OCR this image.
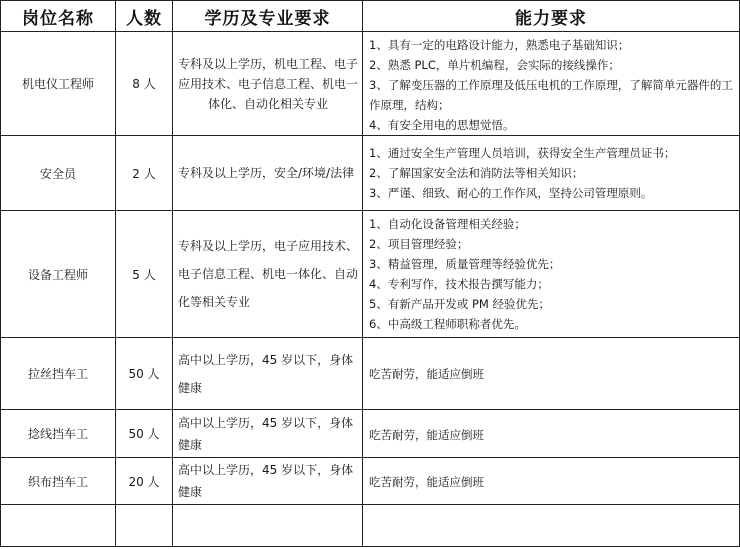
岗位名称	人数	学历及专业要求	能力要求
机电仪工程师	8 人	专科及以上学历，机电工程、电子应用技术、电子信息工程、机电一体化、自动化相关专业	1、具有一定的电路设计能力，熟悉电子基础知识；
2、熟悉 PLC，单片机编程，会实际的接线操作；
3、了解变压器的工作原理及低压电机的工作原理，了解简单元器件的工作原理，结构；
4、有安全用电的思想觉悟。

安全员	2 人	专科及以上学历，安全/环境/法律	1、通过安全生产管理人员培训，获得安全生产管理员证书；
2、了解国家安全法和消防法等相关知识；
3、严谨、细致、耐心的工作作风，坚持公司管理原则。

设备工程师	5 人	专科及以上学历，电子应用技术、电子信息工程、机电一体化、自动化等相关专业	
1、自动化设备管理相关经验；
2、项目管理经验；
3、精益管理，质量管理等经验优先；
4、专利写作，技术报告撰写能力；
5、有新产品开发或 PM 经验优先；
6、中高级工程师职称者优先。

拉丝挡车工	50 人	高中以上学历，45 岁以下，身体健康	吃苦耐劳，能适应倒班

捻线挡车工	50 人	高中以上学历，45 岁以下，身体健康	吃苦耐劳，能适应倒班

织布挡车工	20 人	高中以上学历，45 岁以下，身体健康	吃苦耐劳，能适应倒班
